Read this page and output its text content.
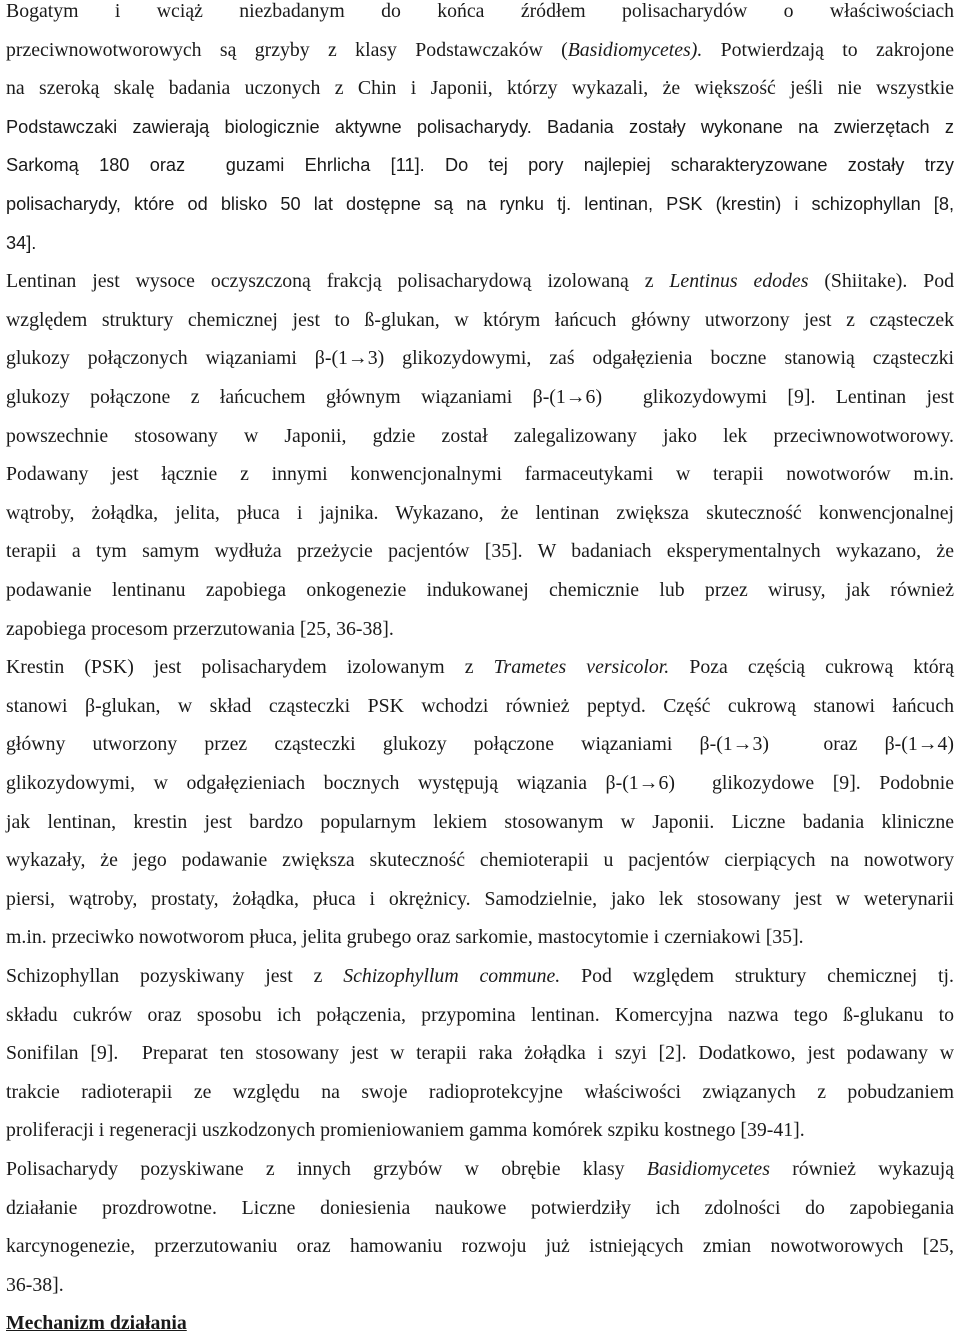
Bogatym i wciąż niezbadanym do końca źródłem polisacharydów o właściwościach
przeciwnowotworowych są grzyby z klasy Podstawczaków (Basidiomycetes). Potwierdzają to zakrojone
na szeroką skalę badania uczonych z Chin i Japonii, którzy wykazali, że większość jeśli nie wszystkie
Podstawczaki zawierają biologicznie aktywne polisacharydy. Badania zostały wykonane na zwierzętach z
Sarkomą 180 oraz  guzami Ehrlicha [11]. Do tej pory najlepiej scharakteryzowane zostały trzy
polisacharydy, które od blisko 50 lat dostępne są na rynku tj. lentinan, PSK (krestin) i schizophyllan [8,
34].
Lentinan jest wysoce oczyszczoną frakcją polisacharydową izolowaną z Lentinus edodes (Shiitake). Pod
względem struktury chemicznej jest to ß-glukan, w którym łańcuch główny utworzony jest z cząsteczek
glukozy połączonych wiązaniami β-(1→3) glikozydowymi, zaś odgałęzienia boczne stanowią cząsteczki
glukozy połączone z łańcuchem głównym wiązaniami β-(1→6)  glikozydowymi [9]. Lentinan jest
powszechnie stosowany w Japonii, gdzie został zalegalizowany jako lek przeciwnowotworowy.
Podawany jest łącznie z innymi konwencjonalnymi farmaceutykami w terapii nowotworów m.in.
wątroby, żołądka, jelita, płuca i jajnika. Wykazano, że lentinan zwiększa skuteczność konwencjonalnej
terapii a tym samym wydłuża przeżycie pacjentów [35]. W badaniach eksperymentalnych wykazano, że
podawanie lentinanu zapobiega onkogenezie indukowanej chemicznie lub przez wirusy, jak również
zapobiega procesom przerzutowania [25, 36-38].
Krestin (PSK) jest polisacharydem izolowanym z Trametes versicolor. Poza częścią cukrową którą
stanowi β-glukan, w skład cząsteczki PSK wchodzi również peptyd. Część cukrową stanowi łańcuch
główny utworzony przez cząsteczki glukozy połączone wiązaniami β-(1→3)  oraz β-(1→4)
glikozydowymi, w odgałęzieniach bocznych występują wiązania β-(1→6)  glikozydowe [9]. Podobnie
jak lentinan, krestin jest bardzo popularnym lekiem stosowanym w Japonii. Liczne badania kliniczne
wykazały, że jego podawanie zwiększa skuteczność chemioterapii u pacjentów cierpiących na nowotwory
piersi, wątroby, prostaty, żołądka, płuca i okrężnicy. Samodzielnie, jako lek stosowany jest w weterynarii
m.in. przeciwko nowotworom płuca, jelita grubego oraz sarkomie, mastocytomie i czerniakowi [35].
Schizophyllan pozyskiwany jest z Schizophyllum commune. Pod względem struktury chemicznej tj.
składu cukrów oraz sposobu ich połączenia, przypomina lentinan. Komercyjna nazwa tego ß-glukanu to
Sonifilan [9].  Preparat ten stosowany jest w terapii raka żołądka i szyi [2]. Dodatkowo, jest podawany w
trakcie radioterapii ze względu na swoje radioprotekcyjne właściwości związanych z pobudzaniem
proliferacji i regeneracji uszkodzonych promieniowaniem gamma komórek szpiku kostnego [39-41].
Polisacharydy pozyskiwane z innych grzybów w obrębie klasy Basidiomycetes również wykazują
działanie prozdrowotne. Liczne doniesienia naukowe potwierdziły ich zdolności do zapobiegania
karcynogenezie, przerzutowaniu oraz hamowaniu rozwoju już istniejących zmian nowotworowych [25,
36-38].
Mechanizm działania
